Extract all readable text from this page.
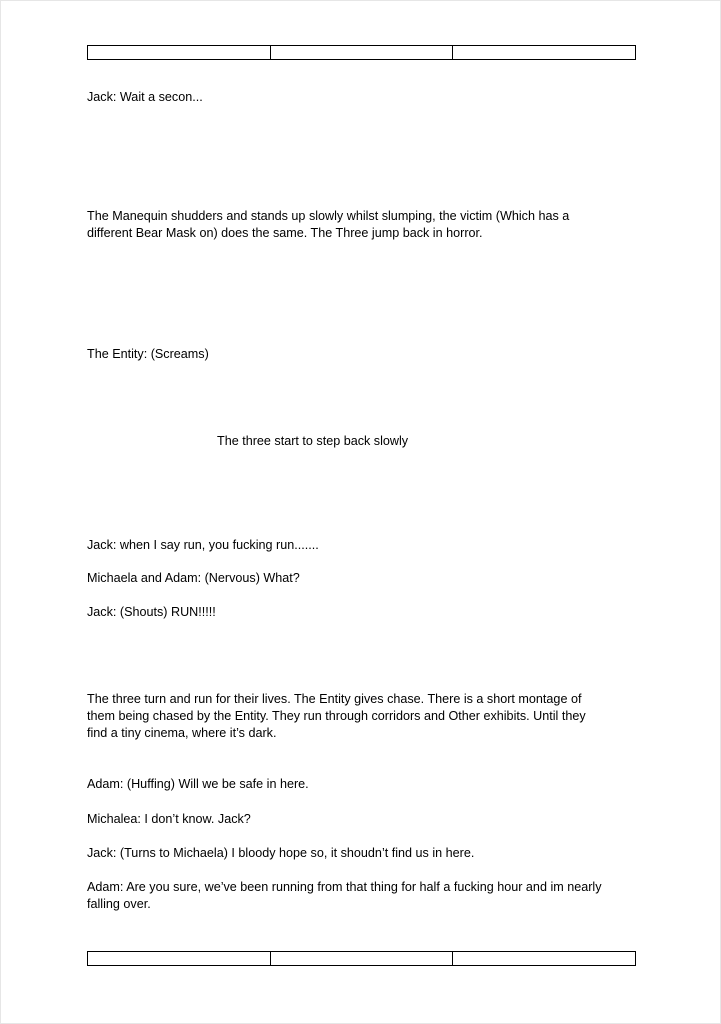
Jack: Wait a secon...

The Manequin shudders and stands up slowly whilst slumping, the victim (Which has a
different Bear Mask on) does the same. The Three jump back in horror.

The Entity: (Screams)

The three start to step back slowly

Jack: when I say run, you fucking run.......

Michaela and Adam: (Nervous) What?

Jack: (Shouts) RUN!!!!!

The three turn and run for their lives. The Entity gives chase. There is a short montage of
them being chased by the Entity. They run through corridors and Other exhibits. Until they
find a tiny cinema, where it’s dark.

Adam: (Huffing) Will we be safe in here.

Michalea: I don’t know. Jack?

Jack: (Turns to Michaela) I bloody hope so, it shoudn’t find us in here.

Adam: Are you sure, we’ve been running from that thing for half a fucking hour and im nearly
falling over.
